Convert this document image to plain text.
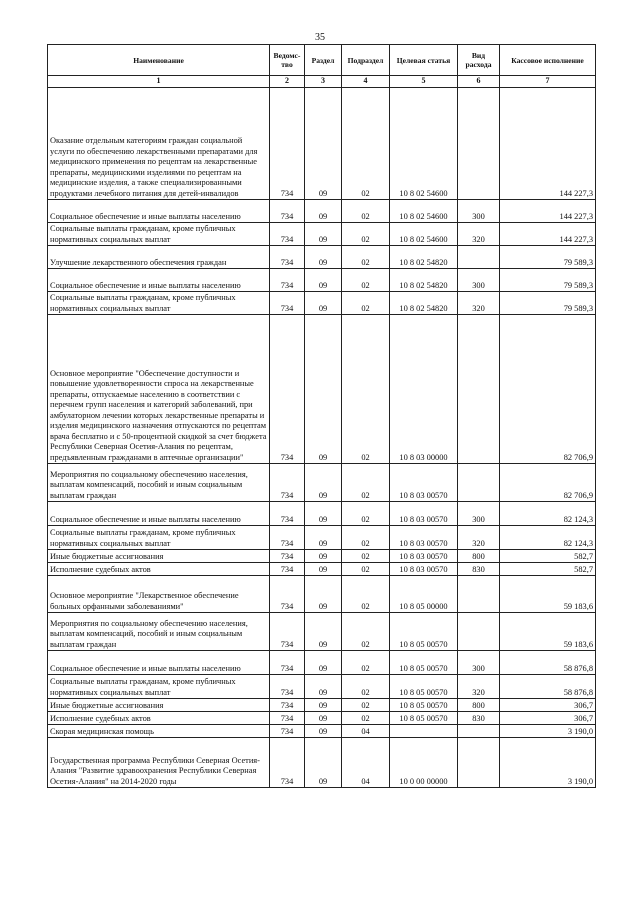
35
Наименование	Ведомс-тво	Раздел	Подраздел	Целевая статья	Вид расхода	Кассовое исполнение
1	2	3	4	5	6	7
Оказание отдельным категориям граждан социальной услуги по обеспечению лекарственными препаратами для медицинского применения по рецептам на лекарственные препараты, медицинскими изделиями по рецептам на медицинские изделия, а также специализированными продуктами лечебного питания для детей-инвалидов	734	09	02	10 8 02 54600		144 227,3
Социальное обеспечение и иные выплаты населению	734	09	02	10 8 02 54600	300	144 227,3
Социальные выплаты гражданам, кроме публичных нормативных социальных выплат	734	09	02	10 8 02 54600	320	144 227,3
Улучшение лекарственного обеспечения граждан	734	09	02	10 8 02 54820		79 589,3
Социальное обеспечение и иные выплаты населению	734	09	02	10 8 02 54820	300	79 589,3
Социальные выплаты гражданам, кроме публичных нормативных социальных выплат	734	09	02	10 8 02 54820	320	79 589,3
Основное мероприятие "Обеспечение доступности и повышение удовлетворенности спроса на лекарственные препараты, отпускаемые населению в соответствии с перечнем групп населения и категорий заболеваний, при амбулаторном лечении которых лекарственные препараты и изделия медицинского назначения отпускаются по рецептам врача бесплатно и с 50-процентной скидкой за счет бюджета Республики Северная Осетия-Алания по рецептам, предъявленным гражданами в аптечные организации"	734	09	02	10 8 03 00000		82 706,9
Мероприятия по социальному обеспечению населения, выплатам компенсаций, пособий и иным социальным выплатам граждан	734	09	02	10 8 03 00570		82 706,9
Социальное обеспечение и иные выплаты населению	734	09	02	10 8 03 00570	300	82 124,3
Социальные выплаты гражданам, кроме публичных нормативных социальных выплат	734	09	02	10 8 03 00570	320	82 124,3
Иные бюджетные ассигнования	734	09	02	10 8 03 00570	800	582,7
Исполнение судебных актов	734	09	02	10 8 03 00570	830	582,7
Основное мероприятие "Лекарственное обеспечение больных орфанными заболеваниями"	734	09	02	10 8 05 00000		59 183,6
Мероприятия по социальному обеспечению населения, выплатам компенсаций, пособий и иным социальным выплатам граждан	734	09	02	10 8 05 00570		59 183,6
Социальное обеспечение и иные выплаты населению	734	09	02	10 8 05 00570	300	58 876,8
Социальные выплаты гражданам, кроме публичных нормативных социальных выплат	734	09	02	10 8 05 00570	320	58 876,8
Иные бюджетные ассигнования	734	09	02	10 8 05 00570	800	306,7
Исполнение судебных актов	734	09	02	10 8 05 00570	830	306,7
Скорая медицинская помощь	734	09	04			3 190,0
Государственная программа Республики Северная Осетия-Алания "Развитие здравоохранения Республики Северная Осетия-Алания" на 2014-2020 годы	734	09	04	10 0 00 00000		3 190,0
